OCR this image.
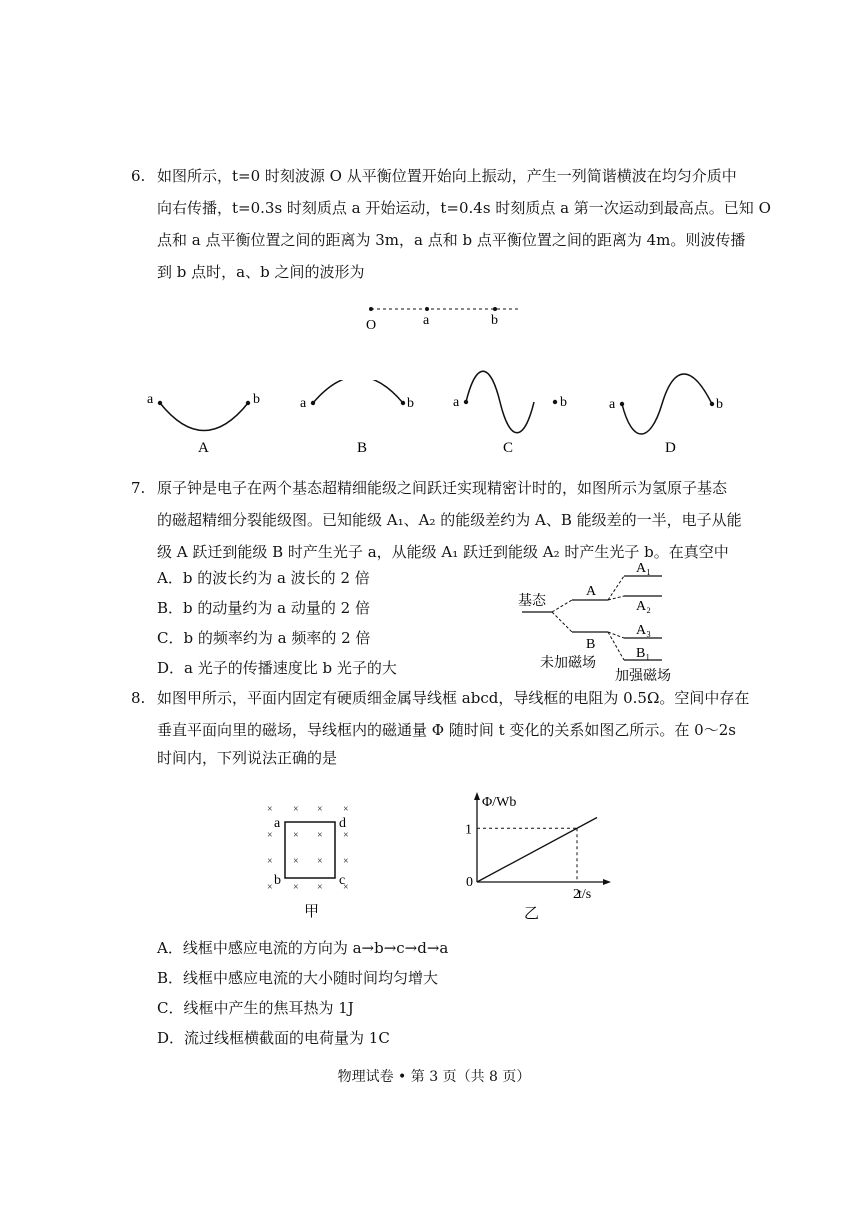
6. 如图所示，t=0 时刻波源 O 从平衡位置开始向上振动，产生一列简谐横波在均匀介质中
向右传播，t=0.3s 时刻质点 a 开始运动，t=0.4s 时刻质点 a 第一次运动到最高点。已知 O
点和 a 点平衡位置之间的距离为 3m，a 点和 b 点平衡位置之间的距离为 4m。则波传播
到 b 点时，a、b 之间的波形为
O	a	b
a	b
A
a	b
B
a	b
C
a	b
D
7. 原子钟是电子在两个基态超精细能级之间跃迁实现精密计时的，如图所示为氢原子基态
的磁超精细分裂能级图。已知能级 A₁、A₂ 的能级差约为 A、B 能级差的一半，电子从能
级 A 跃迁到能级 B 时产生光子 a，从能级 A₁ 跃迁到能级 A₂ 时产生光子 b。在真空中
A．b 的波长约为 a 波长的 2 倍
B．b 的动量约为 a 动量的 2 倍
C．b 的频率约为 a 频率的 2 倍
D．a 光子的传播速度比 b 光子的大
基态
A
B
A₁
A₂
A₃
B₁
未加磁场
加强磁场
8. 如图甲所示，平面内固定有硬质细金属导线框 abcd，导线框的电阻为 0.5Ω。空间中存在
垂直平面向里的磁场，导线框内的磁通量 Φ 随时间 t 变化的关系如图乙所示。在 0～2s
时间内，下列说法正确的是
× × × ×
× × × ×
× × × ×
× × × ×
a	d
b	c
甲
Φ/Wb
t/s
0
1
2
乙
A．线框中感应电流的方向为 a→b→c→d→a
B．线框中感应电流的大小随时间均匀增大
C．线框中产生的焦耳热为 1J
D．流过线框横截面的电荷量为 1C
物理试卷 • 第 3 页（共 8 页）
